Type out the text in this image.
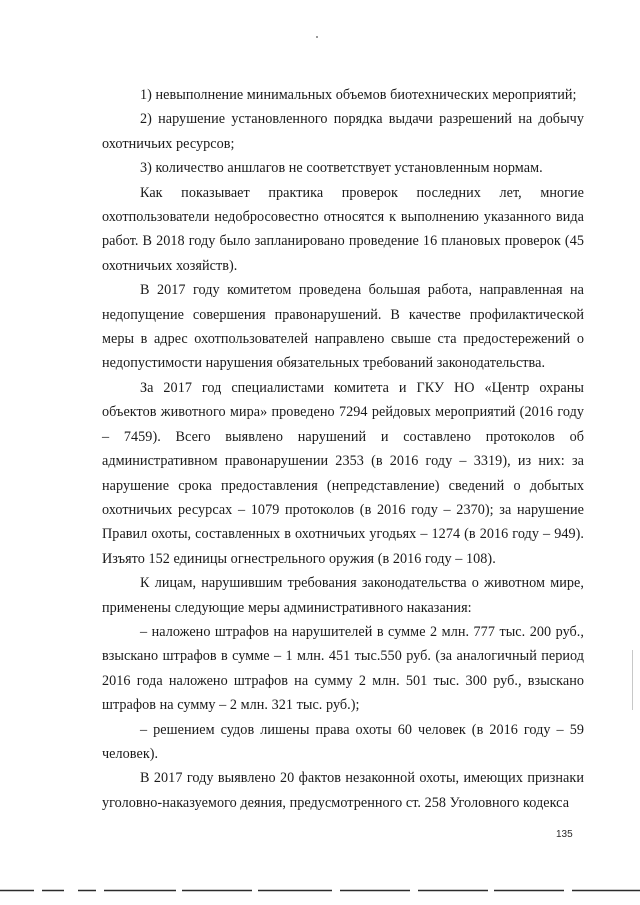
1) невыполнение минимальных объемов биотехнических мероприятий;

2) нарушение установленного порядка выдачи разрешений на добычу охотничьих ресурсов;

3) количество аншлагов не соответствует установленным нормам.

Как показывает практика проверок последних лет, многие охотпользователи недобросовестно относятся к выполнению указанного вида работ. В 2018 году было запланировано проведение 16 плановых проверок (45 охотничьих хозяйств).

В 2017 году комитетом проведена большая работа, направленная на недопущение совершения правонарушений. В качестве профилактической меры в адрес охотпользователей направлено свыше ста предостережений о недопустимости нарушения обязательных требований законодательства.

За 2017 год специалистами комитета и ГКУ НО «Центр охраны объектов животного мира» проведено 7294 рейдовых мероприятий (2016 году – 7459). Всего выявлено нарушений и составлено протоколов об административном правонарушении 2353 (в 2016 году – 3319), из них: за нарушение срока предоставления (непредставление) сведений о добытых охотничьих ресурсах – 1079 протоколов (в 2016 году – 2370); за нарушение Правил охоты, составленных в охотничьих угодьях – 1274 (в 2016 году – 949). Изъято 152 единицы огнестрельного оружия (в 2016 году – 108).

К лицам, нарушившим требования законодательства о животном мире, применены следующие меры административного наказания:

– наложено штрафов на нарушителей в сумме 2 млн. 777 тыс. 200 руб., взыскано штрафов в сумме – 1 млн. 451 тыс.550 руб. (за аналогичный период 2016 года наложено штрафов на сумму 2 млн. 501 тыс. 300 руб., взыскано штрафов на сумму – 2 млн. 321 тыс. руб.);

– решением судов лишены права охоты 60 человек (в 2016 году – 59 человек).

В 2017 году выявлено 20 фактов незаконной охоты, имеющих признаки уголовно-наказуемого деяния, предусмотренного ст. 258 Уголовного кодекса

135
